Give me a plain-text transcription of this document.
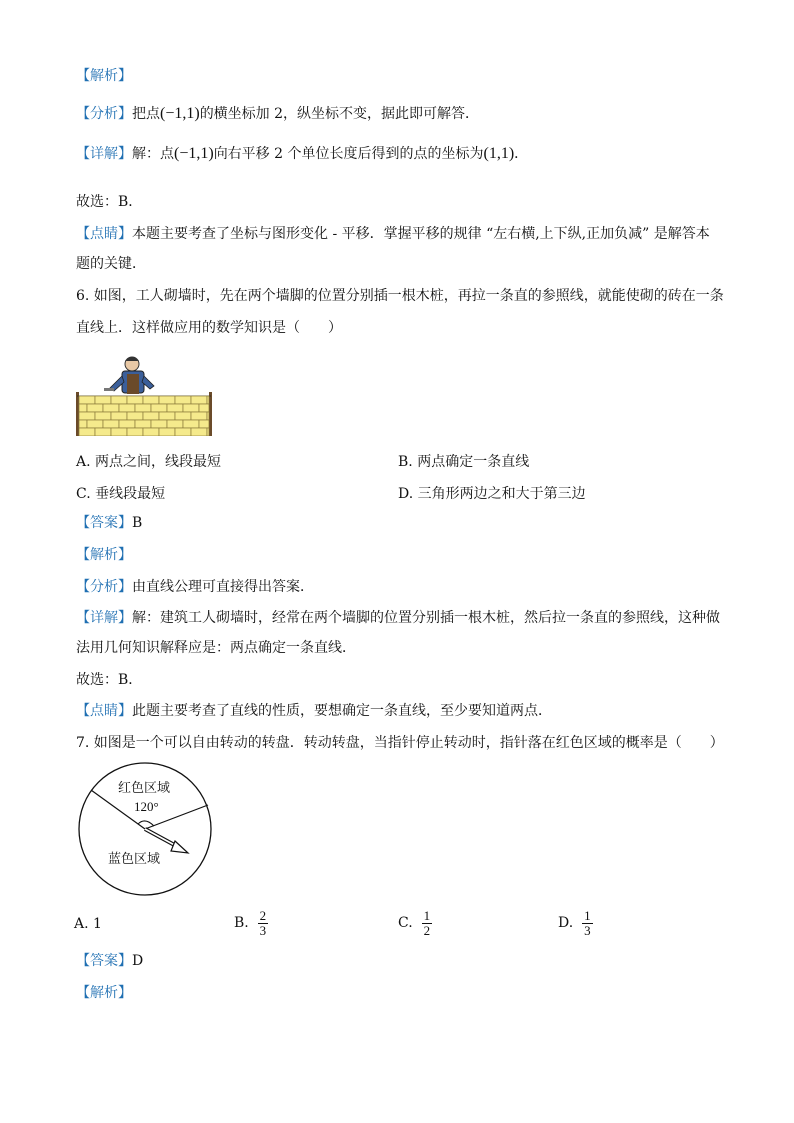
【解析】
【分析】把点(−1,1)的横坐标加 2，纵坐标不变，据此即可解答．
【详解】解：点(−1,1)向右平移 2 个单位长度后得到的点的坐标为(1,1)．
故选：B．
【点睛】本题主要考查了坐标与图形变化 - 平移．掌握平移的规律 “左右横,上下纵,正加负减” 是解答本
题的关键．
6. 如图，工人砌墙时，先在两个墙脚的位置分别插一根木桩，再拉一条直的参照线，就能使砌的砖在一条
直线上．这样做应用的数学知识是（　　）
A. 两点之间，线段最短	B. 两点确定一条直线
C. 垂线段最短	D. 三角形两边之和大于第三边
【答案】B
【解析】
【分析】由直线公理可直接得出答案．
【详解】解：建筑工人砌墙时，经常在两个墙脚的位置分别插一根木桩，然后拉一条直的参照线，这种做
法用几何知识解释应是：两点确定一条直线．
故选：B．
【点睛】此题主要考查了直线的性质，要想确定一条直线，至少要知道两点．
7. 如图是一个可以自由转动的转盘．转动转盘，当指针停止转动时，指针落在红色区域的概率是（　　）
红色区域
120°
蓝色区域
A. 1	B. $\frac{2}{3}$	C. $\frac{1}{2}$	D. $\frac{1}{3}$
【答案】D
【解析】
